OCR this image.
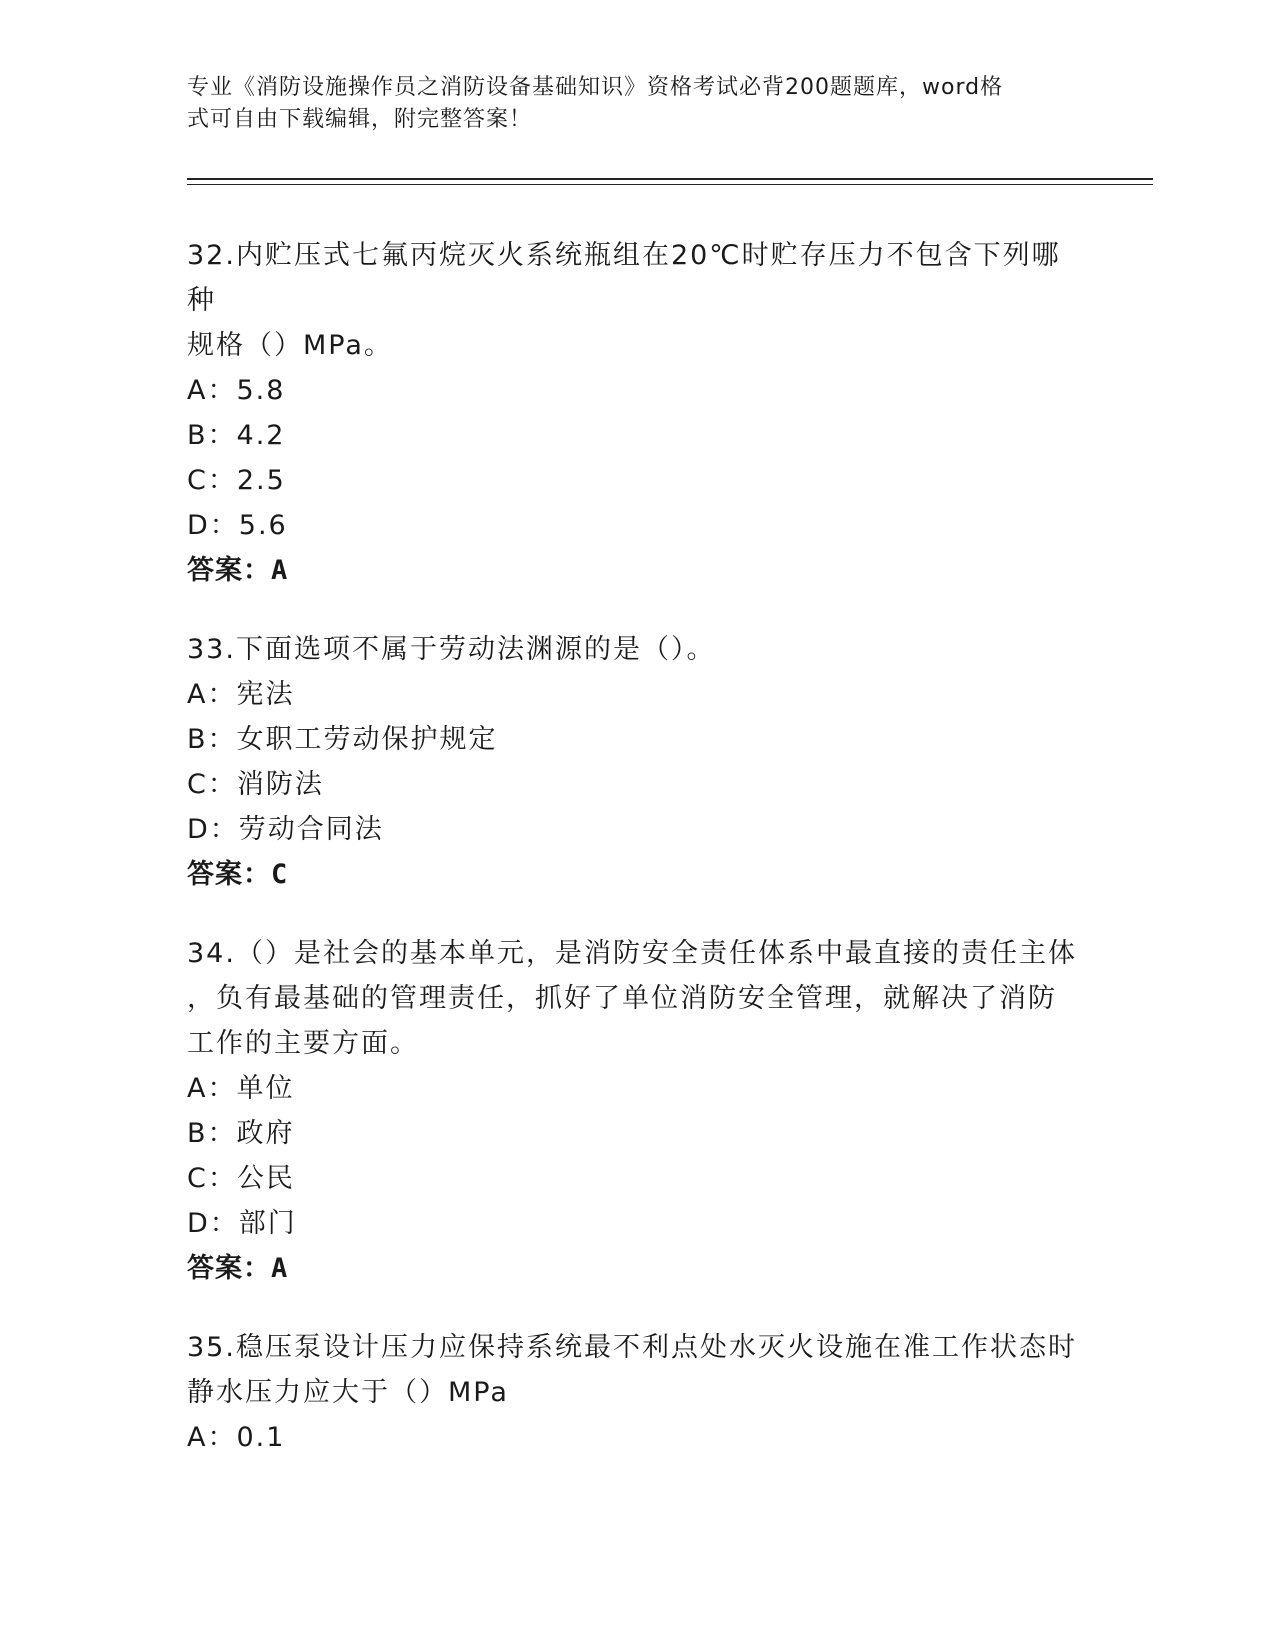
专业《消防设施操作员之消防设备基础知识》资格考试必背200题题库，word格
式可自由下载编辑，附完整答案！
32.内贮压式七氟丙烷灭火系统瓶组在20℃时贮存压力不包含下列哪种
规格（）MPa。
A：5.8
B：4.2
C：2.5
D：5.6
答案：A
33.下面选项不属于劳动法渊源的是（）。
A：宪法
B：女职工劳动保护规定
C：消防法
D：劳动合同法
答案：C
34.（）是社会的基本单元，是消防安全责任体系中最直接的责任主体
，负有最基础的管理责任，抓好了单位消防安全管理，就解决了消防
工作的主要方面。
A：单位
B：政府
C：公民
D：部门
答案：A
35.稳压泵设计压力应保持系统最不利点处水灭火设施在准工作状态时
静水压力应大于（）MPa
A：0.1
